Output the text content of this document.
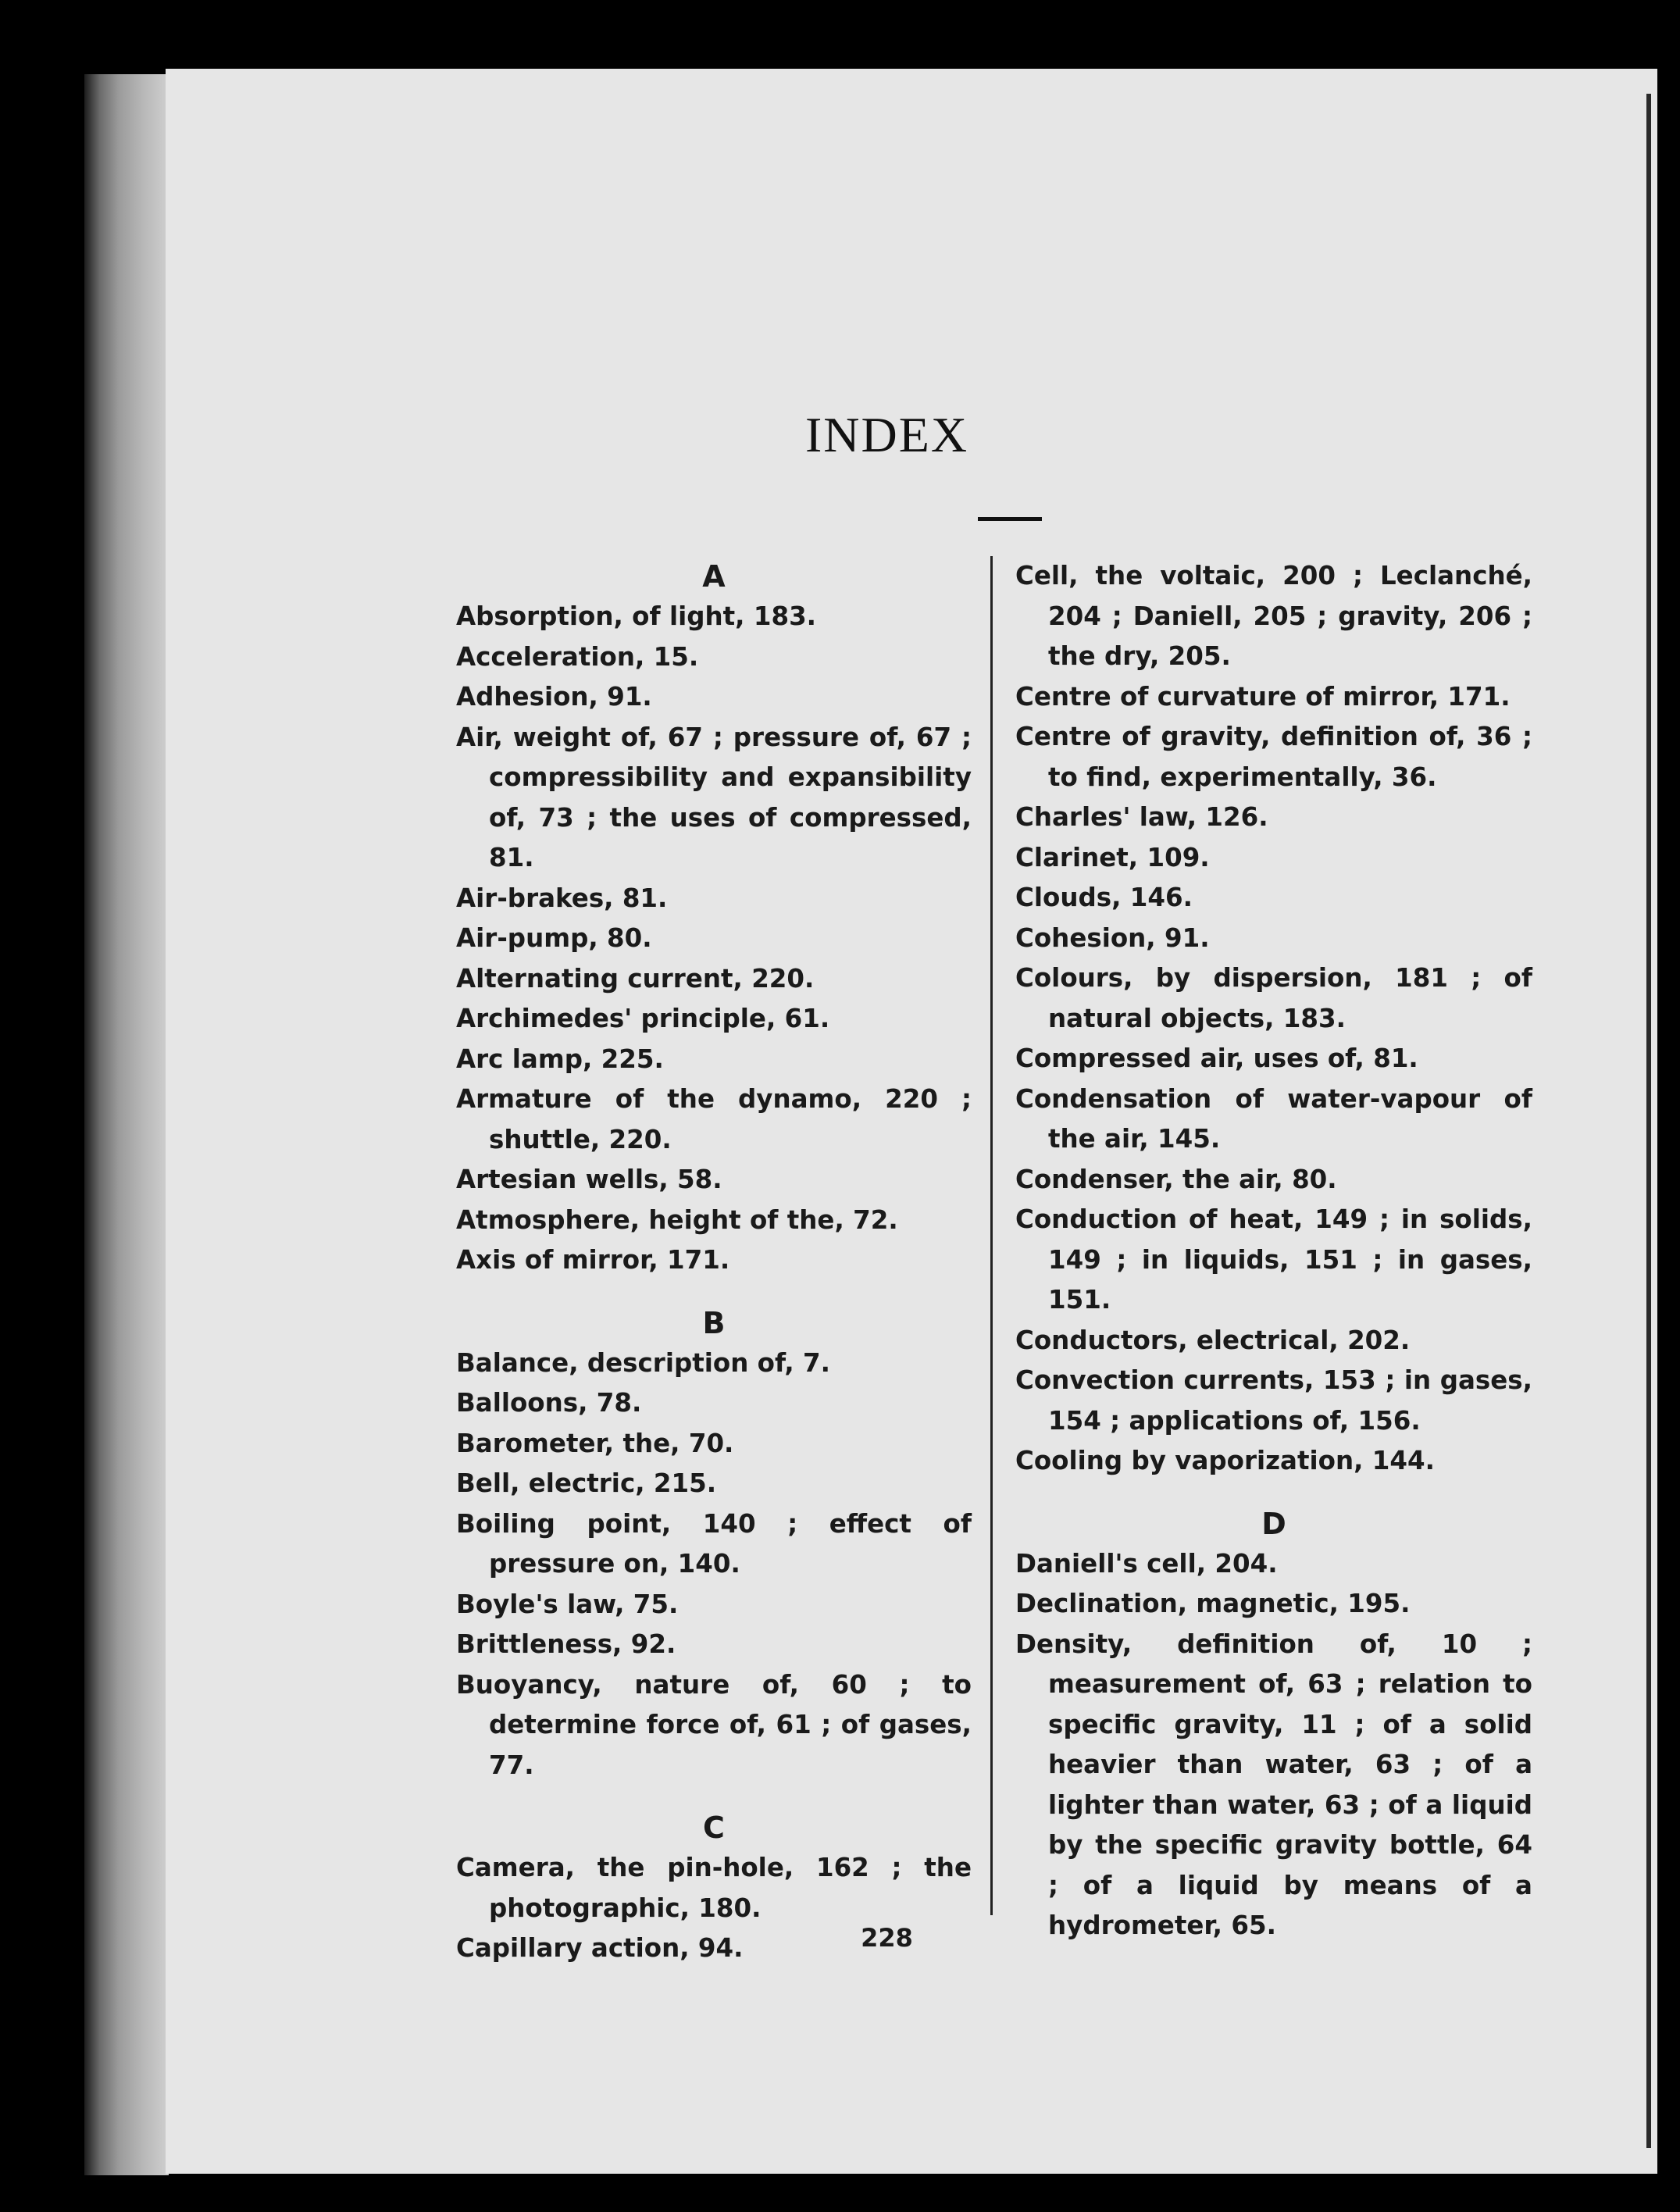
INDEX
A
Absorption, of light, 183.
Acceleration, 15.
Adhesion, 91.
Air, weight of, 67 ; pressure of, 67 ; compressibility and expansibility of, 73 ; the uses of compressed, 81.
Air-brakes, 81.
Air-pump, 80.
Alternating current, 220.
Archimedes' principle, 61.
Arc lamp, 225.
Armature of the dynamo, 220 ; shuttle, 220.
Artesian wells, 58.
Atmosphere, height of the, 72.
Axis of mirror, 171.
B
Balance, description of, 7.
Balloons, 78.
Barometer, the, 70.
Bell, electric, 215.
Boiling point, 140 ; effect of pressure on, 140.
Boyle's law, 75.
Brittleness, 92.
Buoyancy, nature of, 60 ; to determine force of, 61 ; of gases, 77.
C
Camera, the pin-hole, 162 ; the photographic, 180.
Capillary action, 94.
Cell, the voltaic, 200 ; Leclanché, 204 ; Daniell, 205 ; gravity, 206 ; the dry, 205.
Centre of curvature of mirror, 171.
Centre of gravity, definition of, 36 ; to find, experimentally, 36.
Charles' law, 126.
Clarinet, 109.
Clouds, 146.
Cohesion, 91.
Colours, by dispersion, 181 ; of natural objects, 183.
Compressed air, uses of, 81.
Condensation of water-vapour of the air, 145.
Condenser, the air, 80.
Conduction of heat, 149 ; in solids, 149 ; in liquids, 151 ; in gases, 151.
Conductors, electrical, 202.
Convection currents, 153 ; in gases, 154 ; applications of, 156.
Cooling by vaporization, 144.
D
Daniell's cell, 204.
Declination, magnetic, 195.
Density, definition of, 10 ; measurement of, 63 ; relation to specific gravity, 11 ; of a solid heavier than water, 63 ; of a lighter than water, 63 ; of a liquid by the specific gravity bottle, 64 ; of a liquid by means of a hydrometer, 65.
228
